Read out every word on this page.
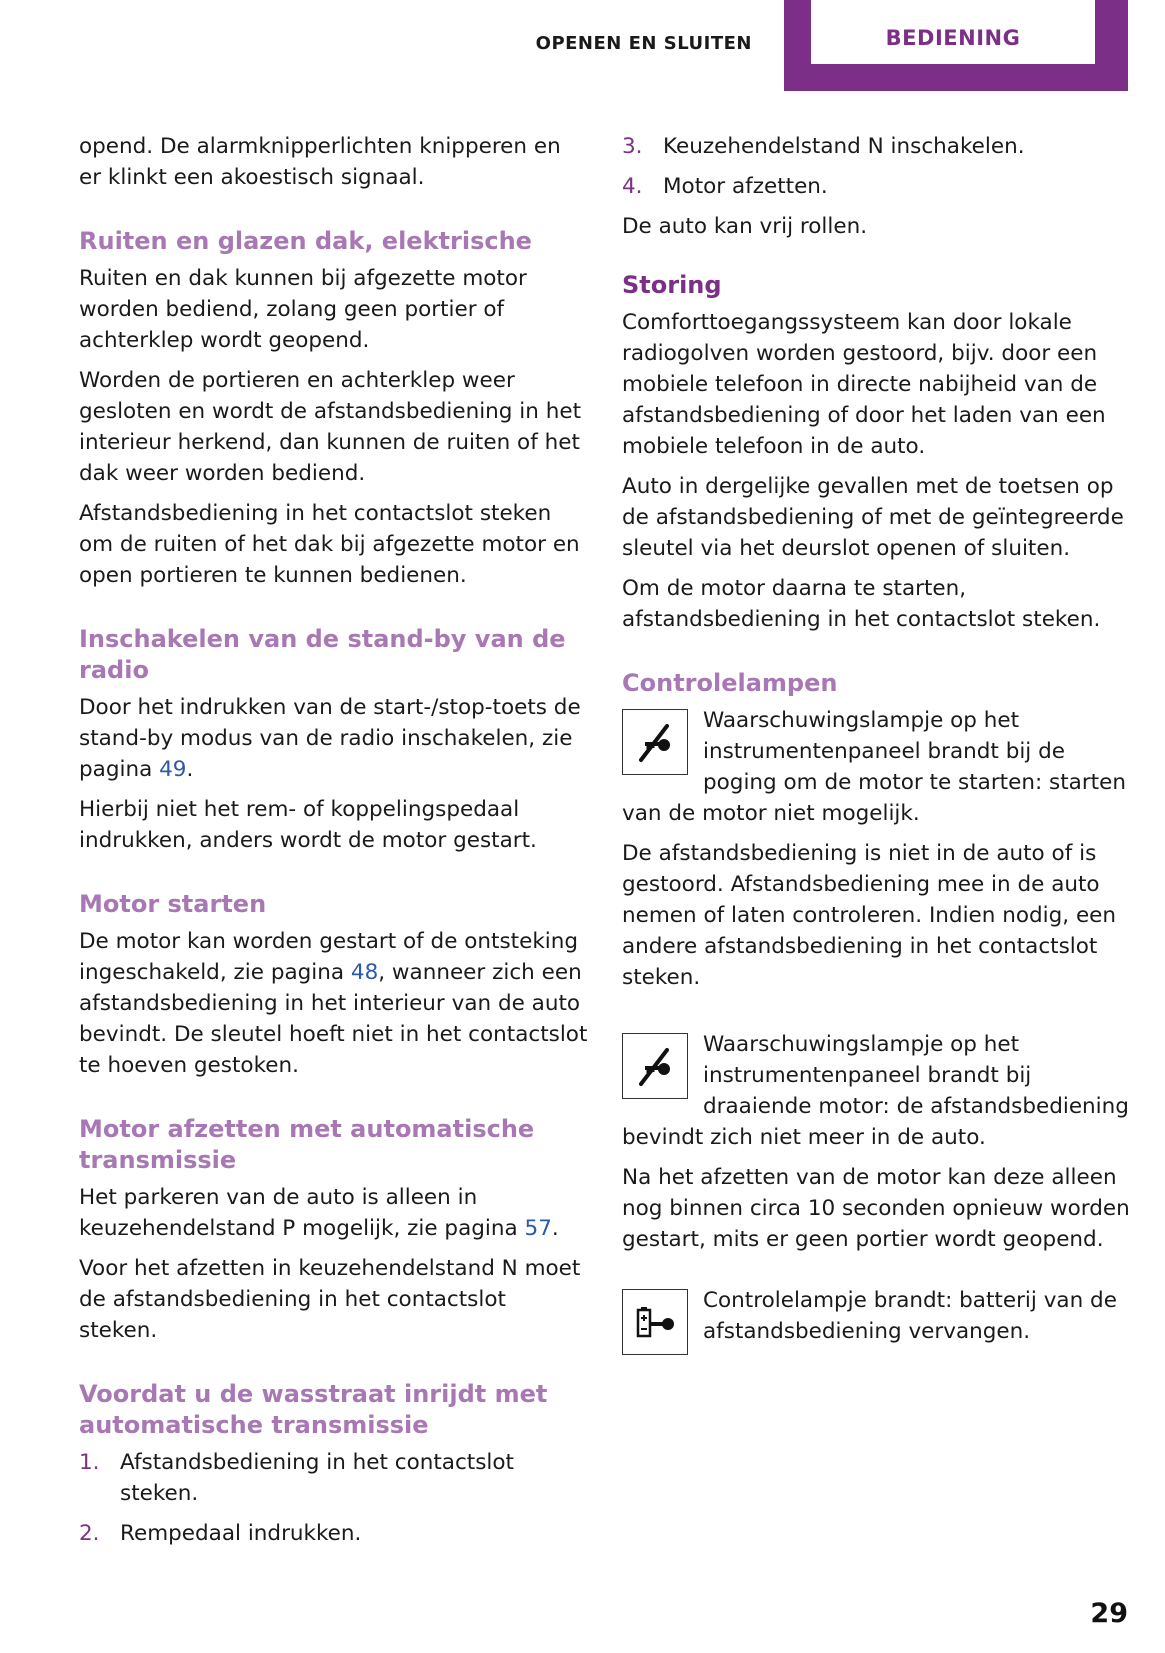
OPENEN EN SLUITEN	BEDIENING

opend. De alarmknipperlichten knipperen en er klinkt een akoestisch signaal.

Ruiten en glazen dak, elektrische

Ruiten en dak kunnen bij afgezette motor worden bediend, zolang geen portier of achterklep wordt geopend.

Worden de portieren en achterklep weer gesloten en wordt de afstandsbediening in het interieur herkend, dan kunnen de ruiten of het dak weer worden bediend.

Afstandsbediening in het contactslot steken om de ruiten of het dak bij afgezette motor en open portieren te kunnen bedienen.

Inschakelen van de stand-by van de radio

Door het indrukken van de start-/stop-toets de stand-by modus van de radio inschakelen, zie pagina 49.

Hierbij niet het rem- of koppelingspedaal indrukken, anders wordt de motor gestart.

Motor starten

De motor kan worden gestart of de ontsteking ingeschakeld, zie pagina 48, wanneer zich een afstandsbediening in het interieur van de auto bevindt. De sleutel hoeft niet in het contactslot te hoeven gestoken.

Motor afzetten met automatische transmissie

Het parkeren van de auto is alleen in keuzehendelstand P mogelijk, zie pagina 57.

Voor het afzetten in keuzehendelstand N moet de afstandsbediening in het contactslot steken.

Voordat u de wasstraat inrijdt met automatische transmissie
1. Afstandsbediening in het contactslot steken.
2. Rempedaal indrukken.
3. Keuzehendelstand N inschakelen.
4. Motor afzetten.

De auto kan vrij rollen.

Storing

Comforttoegangssysteem kan door lokale radiogolven worden gestoord, bijv. door een mobiele telefoon in directe nabijheid van de afstandsbediening of door het laden van een mobiele telefoon in de auto.

Auto in dergelijke gevallen met de toetsen op de afstandsbediening of met de geïntegreerde sleutel via het deurslot openen of sluiten.

Om de motor daarna te starten, afstandsbediening in het contactslot steken.

Controlelampen

Waarschuwingslampje op het instrumentenpaneel brandt bij de poging om de motor te starten: starten van de motor niet mogelijk.

De afstandsbediening is niet in de auto of is gestoord. Afstandsbediening mee in de auto nemen of laten controleren. Indien nodig, een andere afstandsbediening in het contactslot steken.

Waarschuwingslampje op het instrumentenpaneel brandt bij draaiende motor: de afstandsbediening bevindt zich niet meer in de auto.

Na het afzetten van de motor kan deze alleen nog binnen circa 10 seconden opnieuw worden gestart, mits er geen portier wordt geopend.

Controlelampje brandt: batterij van de afstandsbediening vervangen.

29
